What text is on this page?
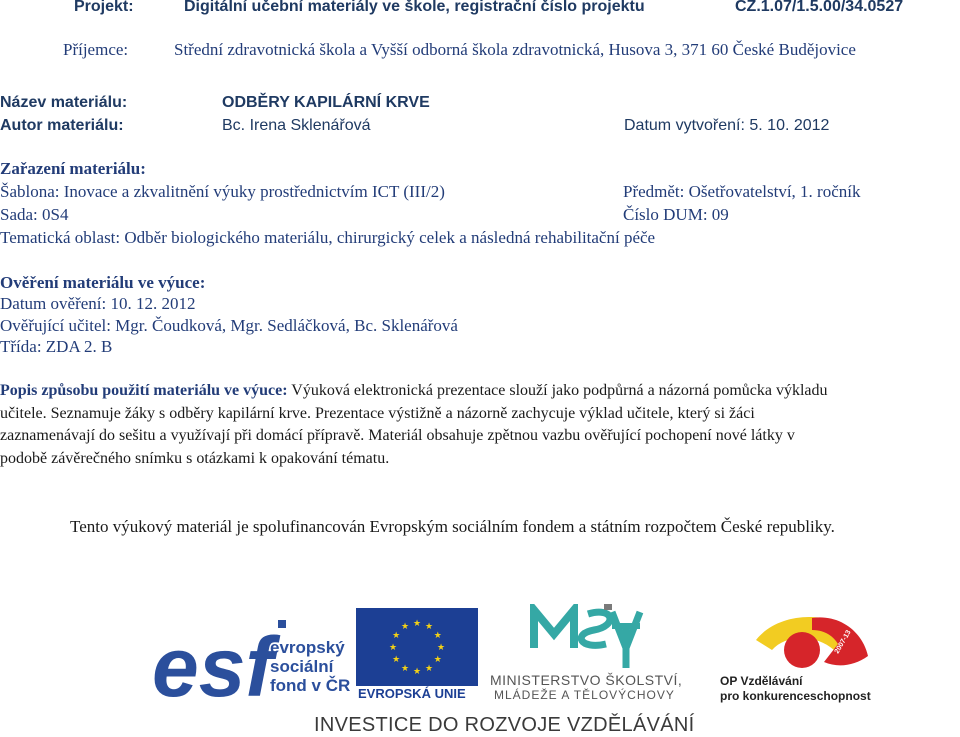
Projekt:	Digitální učební materiály ve škole, registrační číslo projektu	CZ.1.07/1.5.00/34.0527
Příjemce:	Střední zdravotnická škola a Vyšší odborná škola zdravotnická, Husova 3, 371 60 České Budějovice
Název materiálu:	ODBĚRY KAPILÁRNÍ KRVE
Autor materiálu:	Bc. Irena Sklenářová	Datum vytvoření: 5. 10. 2012
Zařazení materiálu:
Šablona: Inovace a zkvalitnění výuky prostřednictvím ICT (III/2)	Předmět: Ošetřovatelství, 1. ročník
Sada: 0S4	Číslo DUM: 09
Tematická oblast: Odběr biologického materiálu, chirurgický celek a následná rehabilitační péče
Ověření materiálu ve výuce:
Datum ověření: 10. 12. 2012
Ověřující učitel: Mgr. Čoudková, Mgr. Sedláčková, Bc. Sklenářová
Třída: ZDA 2. B
Popis způsobu použití materiálu ve výuce: Výuková elektronická prezentace slouží jako podpůrná a názorná pomůcka výkladu
učitele. Seznamuje žáky s odběry kapilární krve. Prezentace výstižně a názorně zachycuje výklad učitele, který si žáci
zaznamenávají do sešitu a využívají při domácí přípravě. Materiál obsahuje zpětnou vazbu ověřující pochopení nové látky v
podobě závěrečného snímku s otázkami k opakování tématu.
Tento výukový materiál je spolufinancován Evropským sociálním fondem a státním rozpočtem České republiky.
esf
evropský
sociální
fond v ČR
★ ★
★
★
★
★
★
★
★
★
★
★
EVROPSKÁ UNIE
MINISTERSTVO ŠKOLSTVÍ,
MLÁDEŽE A TĚLOVÝCHOVY
2007-13
OP Vzdělávání
pro konkurenceschopnost
INVESTICE DO ROZVOJE VZDĚLÁVÁNÍ
